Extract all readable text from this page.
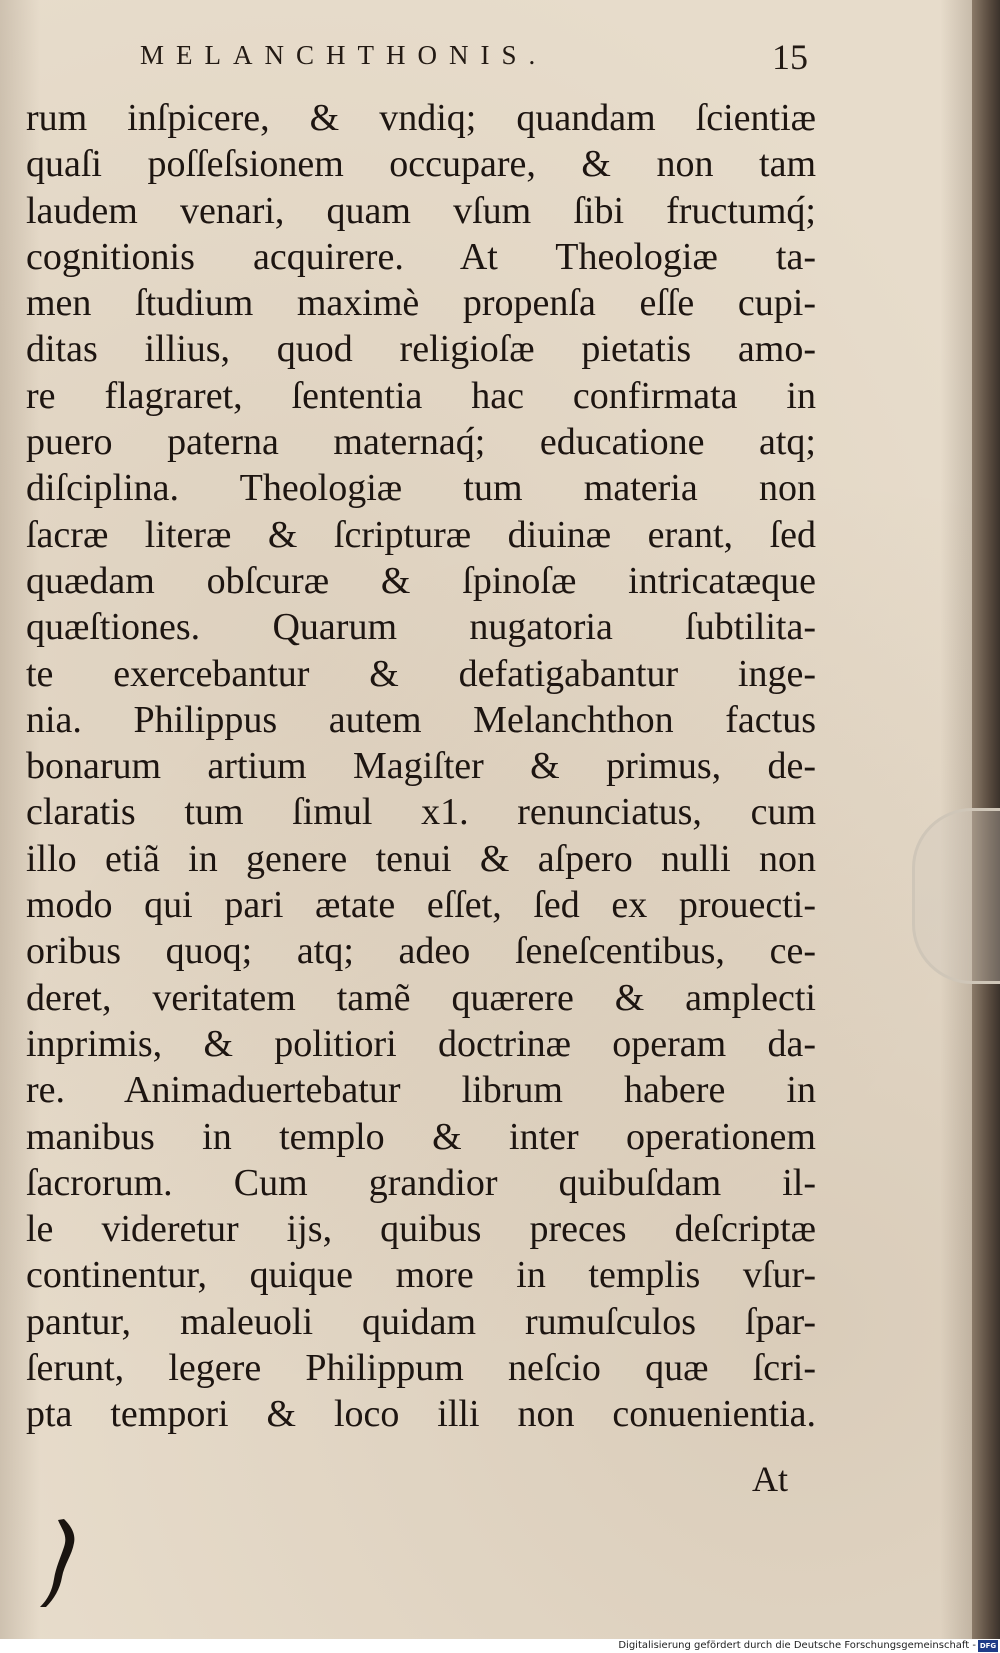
MELANCHTHONIS.	15
rum inſpicere, & vndiq; quandam ſcientiæ
quaſi poſſeſsionem occupare, & non tam
laudem venari, quam vſum ſibi fructumq́;
cognitionis acquirere. At Theologiæ ta-
men ſtudium maximè propenſa eſſe cupi-
ditas illius, quod religioſæ pietatis amo-
re flagraret, ſententia hac confirmata in
puero paterna maternaq́; educatione atq;
diſciplina. Theologiæ tum materia non
ſacræ literæ & ſcripturæ diuinæ erant, ſed
quædam obſcuræ & ſpinoſæ intricatæque
quæſtiones. Quarum nugatoria ſubtilita-
te exercebantur & defatigabantur inge-
nia. Philippus autem Melanchthon factus
bonarum artium Magiſter & primus, de-
claratis tum ſimul x1. renunciatus, cum
illo etiã in genere tenui & aſpero nulli non
modo qui pari ætate eſſet, ſed ex prouecti-
oribus quoq; atq; adeo ſeneſcentibus, ce-
deret, veritatem tamẽ quærere & amplecti
inprimis, & politiori doctrinæ operam da-
re. Animaduertebatur librum habere in
manibus in templo & inter operationem
ſacrorum. Cum grandior quibuſdam il-
le videretur ijs, quibus preces deſcriptæ
continentur, quique more in templis vſur-
pantur, maleuoli quidam rumuſculos ſpar-
ſerunt, legere Philippum neſcio quæ ſcri-
pta tempori & loco illi non conuenientia.
At
Digitalisierung gefördert durch die Deutsche Forschungsgemeinschaft - DFG
